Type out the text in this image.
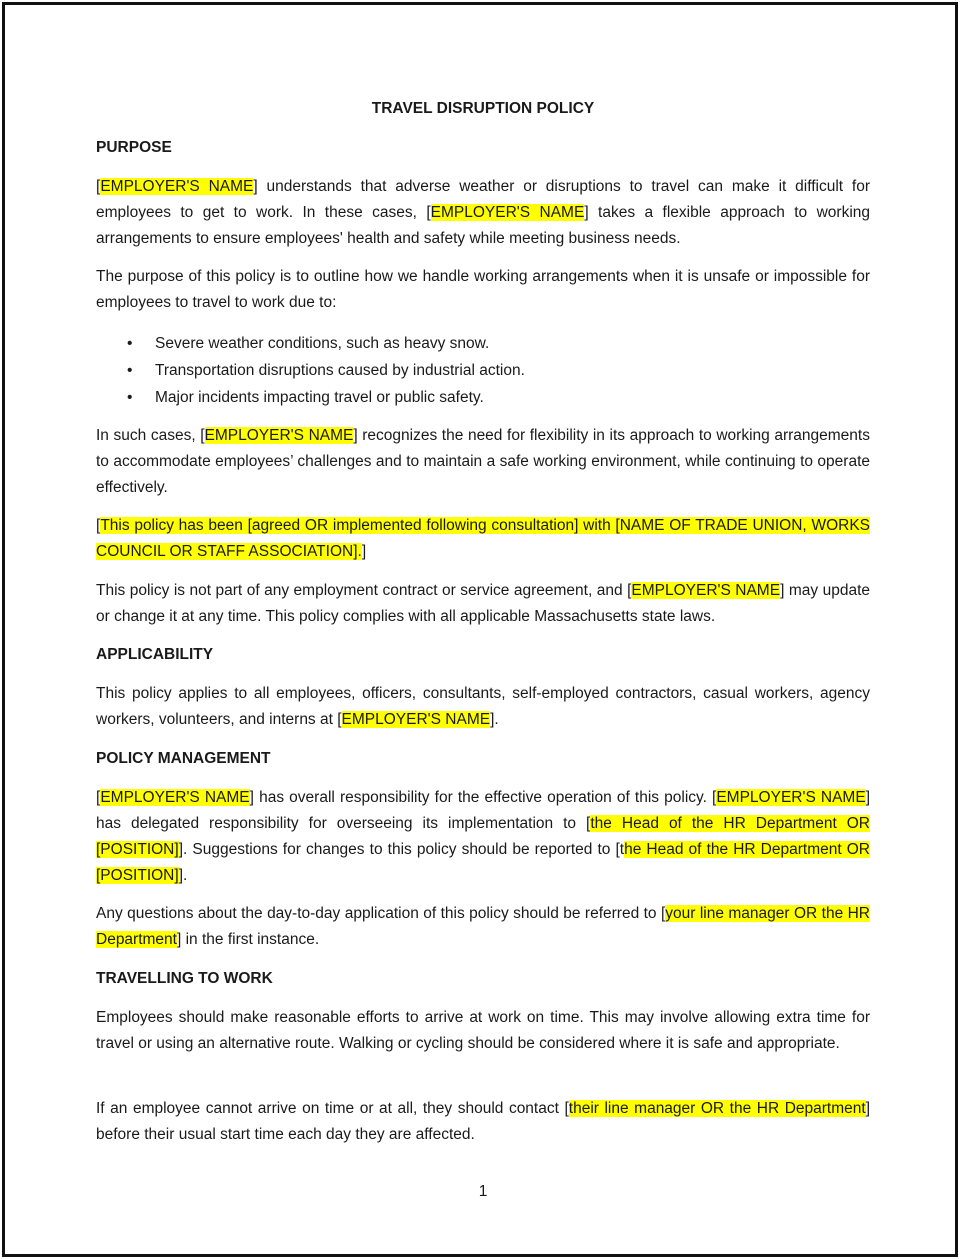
TRAVEL DISRUPTION POLICY
PURPOSE
[EMPLOYER'S NAME] understands that adverse weather or disruptions to travel can make it difficult for employees to get to work. In these cases, [EMPLOYER'S NAME] takes a flexible approach to working arrangements to ensure employees' health and safety while meeting business needs.
The purpose of this policy is to outline how we handle working arrangements when it is unsafe or impossible for employees to travel to work due to:
• Severe weather conditions, such as heavy snow.
• Transportation disruptions caused by industrial action.
• Major incidents impacting travel or public safety.
In such cases, [EMPLOYER'S NAME] recognizes the need for flexibility in its approach to working arrangements to accommodate employees’ challenges and to maintain a safe working environment, while continuing to operate effectively.
[This policy has been [agreed OR implemented following consultation] with [NAME OF TRADE UNION, WORKS COUNCIL OR STAFF ASSOCIATION].]
This policy is not part of any employment contract or service agreement, and [EMPLOYER'S NAME] may update or change it at any time. This policy complies with all applicable Massachusetts state laws.
APPLICABILITY
This policy applies to all employees, officers, consultants, self-employed contractors, casual workers, agency workers, volunteers, and interns at [EMPLOYER'S NAME].
POLICY MANAGEMENT
[EMPLOYER'S NAME] has overall responsibility for the effective operation of this policy. [EMPLOYER'S NAME] has delegated responsibility for overseeing its implementation to [the Head of the HR Department OR [POSITION]]. Suggestions for changes to this policy should be reported to [the Head of the HR Department OR [POSITION]].
Any questions about the day-to-day application of this policy should be referred to [your line manager OR the HR Department] in the first instance.
TRAVELLING TO WORK
Employees should make reasonable efforts to arrive at work on time. This may involve allowing extra time for travel or using an alternative route. Walking or cycling should be considered where it is safe and appropriate.
If an employee cannot arrive on time or at all, they should contact [their line manager OR the HR Department] before their usual start time each day they are affected.
1
